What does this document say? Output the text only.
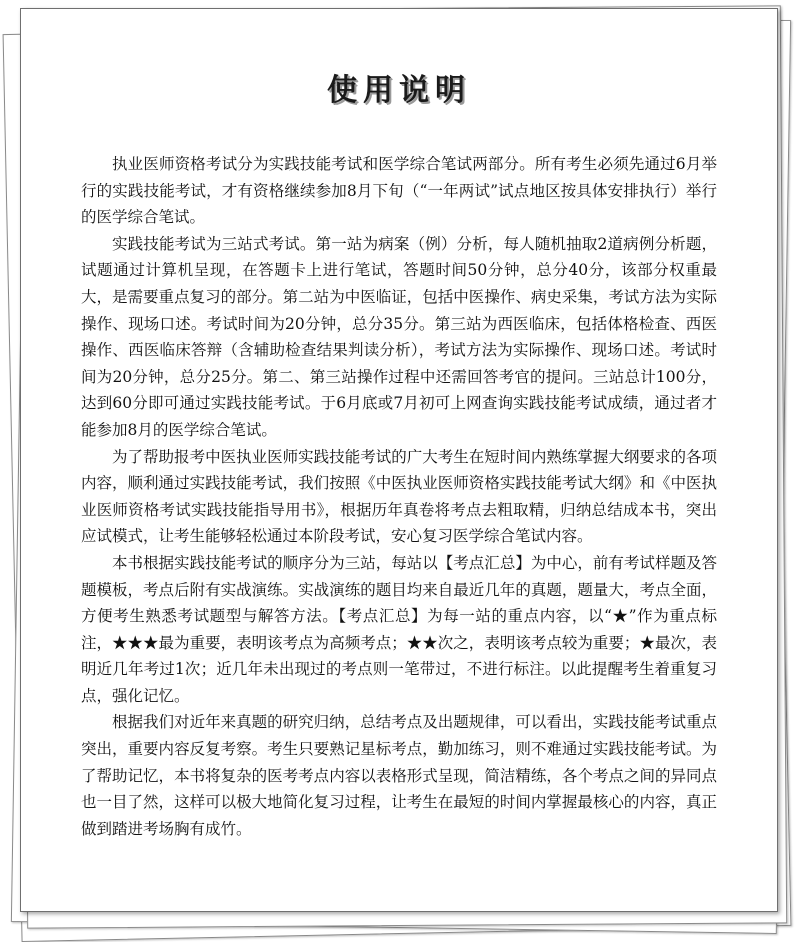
使用说明

执业医师资格考试分为实践技能考试和医学综合笔试两部分。所有考生必须先通过6月举行的实践技能考试，才有资格继续参加8月下旬（“一年两试”试点地区按具体安排执行）举行的医学综合笔试。

实践技能考试为三站式考试。第一站为病案（例）分析，每人随机抽取2道病例分析题，试题通过计算机呈现，在答题卡上进行笔试，答题时间50分钟，总分40分，该部分权重最大，是需要重点复习的部分。第二站为中医临证，包括中医操作、病史采集，考试方法为实际操作、现场口述。考试时间为20分钟，总分35分。第三站为西医临床，包括体格检查、西医操作、西医临床答辩（含辅助检查结果判读分析），考试方法为实际操作、现场口述。考试时间为20分钟，总分25分。第二、第三站操作过程中还需回答考官的提问。三站总计100分，达到60分即可通过实践技能考试。于6月底或7月初可上网查询实践技能考试成绩，通过者才能参加8月的医学综合笔试。

为了帮助报考中医执业医师实践技能考试的广大考生在短时间内熟练掌握大纲要求的各项内容，顺利通过实践技能考试，我们按照《中医执业医师资格实践技能考试大纲》和《中医执业医师资格考试实践技能指导用书》，根据历年真卷将考点去粗取精，归纳总结成本书，突出应试模式，让考生能够轻松通过本阶段考试，安心复习医学综合笔试内容。

本书根据实践技能考试的顺序分为三站，每站以【考点汇总】为中心，前有考试样题及答题模板，考点后附有实战演练。实战演练的题目均来自最近几年的真题，题量大，考点全面，方便考生熟悉考试题型与解答方法。【考点汇总】为每一站的重点内容，以“★”作为重点标注，★★★最为重要，表明该考点为高频考点；★★次之，表明该考点较为重要；★最次，表明近几年考过1次；近几年未出现过的考点则一笔带过，不进行标注。以此提醒考生着重复习点，强化记忆。

根据我们对近年来真题的研究归纳，总结考点及出题规律，可以看出，实践技能考试重点突出，重要内容反复考察。考生只要熟记星标考点，勤加练习，则不难通过实践技能考试。为了帮助记忆，本书将复杂的医考考点内容以表格形式呈现，简洁精练，各个考点之间的异同点也一目了然，这样可以极大地简化复习过程，让考生在最短的时间内掌握最核心的内容，真正做到踏进考场胸有成竹。
